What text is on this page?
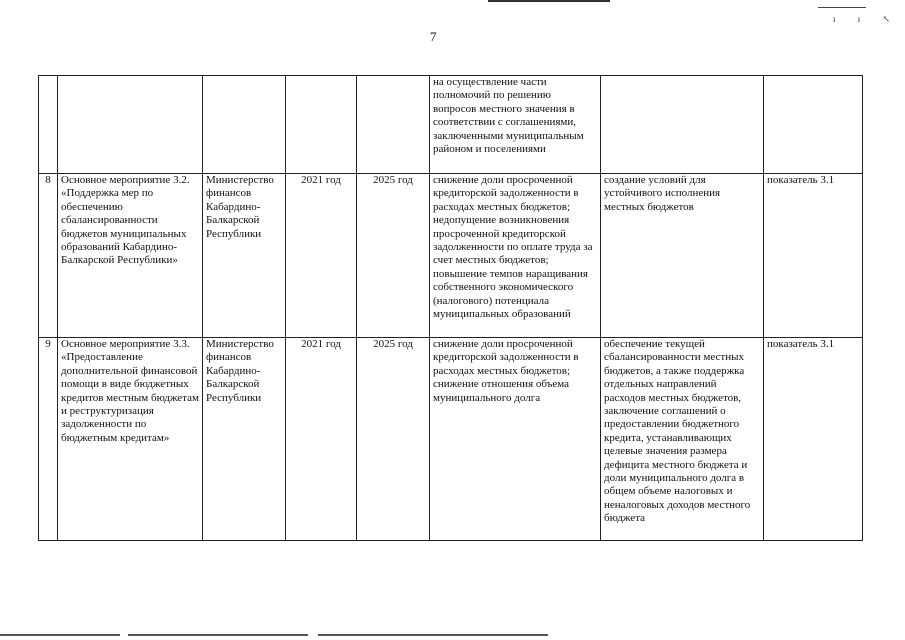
ı ı ↖
7
					на осуществление части полномочий по решению вопросов местного значения в соответствии с соглашениями, заключенными муниципальным районом и поселениями		
8	Основное мероприятие 3.2. «Поддержка мер по обеспечению сбалансированности бюджетов муниципальных образований Кабардино-Балкарской Республики»	Министерство финансов Кабардино-Балкарской Республики	2021 год	2025 год	снижение доли просроченной кредиторской задолженности в расходах местных бюджетов; недопущение возникновения просроченной кредиторской задолженности по оплате труда за счет местных бюджетов; повышение темпов наращивания собственного экономического (налогового) потенциала муниципальных образований	создание условий для устойчивого исполнения местных бюджетов	показатель 3.1
9	Основное мероприятие 3.3. «Предоставление дополнительной финансовой помощи в виде бюджетных кредитов местным бюджетам и реструктуризация задолженности по бюджетным кредитам»	Министерство финансов Кабардино-Балкарской Республики	2021 год	2025 год	снижение доли просроченной кредиторской задолженности в расходах местных бюджетов; снижение отношения объема муниципального долга	обеспечение текущей сбалансированности местных бюджетов, а также поддержка отдельных направлений расходов местных бюджетов, заключение соглашений о предоставлении бюджетного кредита, устанавливающих целевые значения размера дефицита местного бюджета и доли муниципального долга в общем объеме налоговых и неналоговых доходов местного бюджета	показатель 3.1
